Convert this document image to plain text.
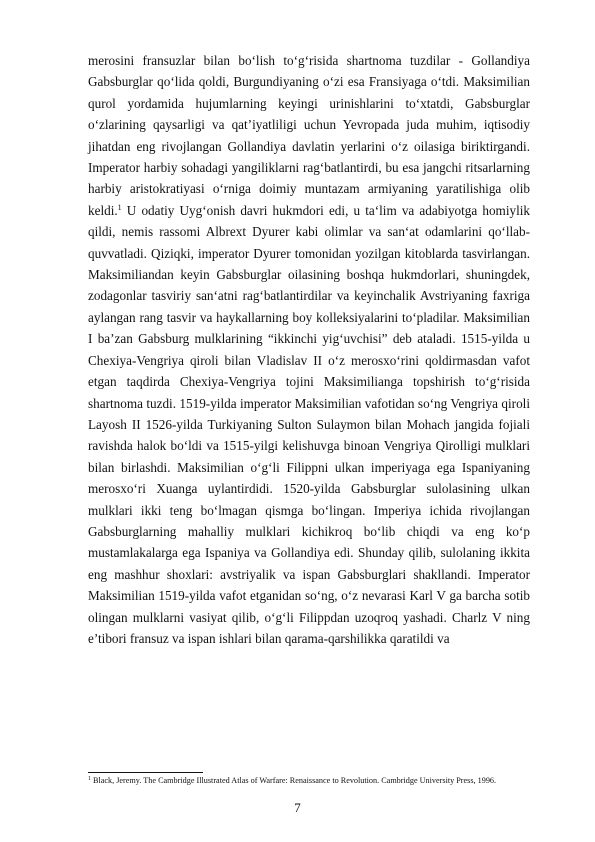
merosini fransuzlar bilan bo‘lish to‘g‘risida shartnoma tuzdilar - Gollandiya Gabsburglar qo‘lida qoldi, Burgundiyaning o‘zi esa Fransiyaga o‘tdi. Maksimilian qurol yordamida hujumlarning keyingi urinishlarini to‘xtatdi, Gabsburglar o‘zlarining qaysarligi va qat’iyatliligi uchun Yevropada juda muhim, iqtisodiy jihatdan eng rivojlangan Gollandiya davlatin yerlarini o‘z oilasiga biriktirgandi. Imperator harbiy sohadagi yangiliklarni rag‘batlantirdi, bu esa jangchi ritsarlarning harbiy aristokratiyasi o‘rniga doimiy muntazam armiyaning yaratilishiga olib keldi.$^1$ U odatiy Uyg‘onish davri hukmdori edi, u ta‘lim va adabiyotga homiylik qildi, nemis rassomi Albrext Dyurer kabi olimlar va san‘at odamlarini qo‘llab-quvvatladi. Qiziqki, imperator Dyurer tomonidan yozilgan kitoblarda tasvirlangan. Maksimiliandan keyin Gabsburglar oilasining boshqa hukmdorlari, shuningdek, zodagonlar tasviriy san‘atni rag‘batlantirdilar va keyinchalik Avstriyaning faxriga aylangan rang tasvir va haykallarning boy kolleksiyalarini to‘pladilar. Maksimilian I ba’zan Gabsburg mulklarining “ikkinchi yig‘uvchisi” deb ataladi. 1515-yilda u Chexiya-Vengriya qiroli bilan Vladislav II o‘z merosxo‘rini qoldirmasdan vafot etgan taqdirda Chexiya-Vengriya tojini Maksimilianga topshirish to‘g‘risida shartnoma tuzdi. 1519-yilda imperator Maksimilian vafotidan so‘ng Vengriya qiroli Layosh II 1526-yilda Turkiyaning Sulton Sulaymon bilan Mohach jangida fojiali ravishda halok bo‘ldi va 1515-yilgi kelishuvga binoan Vengriya Qirolligi mulklari bilan birlashdi. Maksimilian o‘g‘li Filippni ulkan imperiyaga ega Ispaniyaning merosxo‘ri Xuanga uylantirdidi. 1520-yilda Gabsburglar sulolasining ulkan mulklari ikki teng bo‘lmagan qismga bo‘lingan. Imperiya ichida rivojlangan Gabsburglarning mahalliy mulklari kichikroq bo‘lib chiqdi va eng ko‘p mustamlakalarga ega Ispaniya va Gollandiya edi. Shunday qilib, sulolaning ikkita eng mashhur shoxlari: avstriyalik va ispan Gabsburglari shakllandi. Imperator Maksimilian 1519-yilda vafot etganidan so‘ng, o‘z nevarasi Karl V ga barcha sotib olingan mulklarni vasiyat qilib, o‘g‘li Filippdan uzoqroq yashadi. Charlz V ning e’tibori fransuz va ispan ishlari bilan qarama-qarshilikka qaratildi va

$^1$ Black, Jeremy. The Cambridge Illustrated Atlas of Warfare: Renaissance to Revolution. Cambridge University Press, 1996.
7
